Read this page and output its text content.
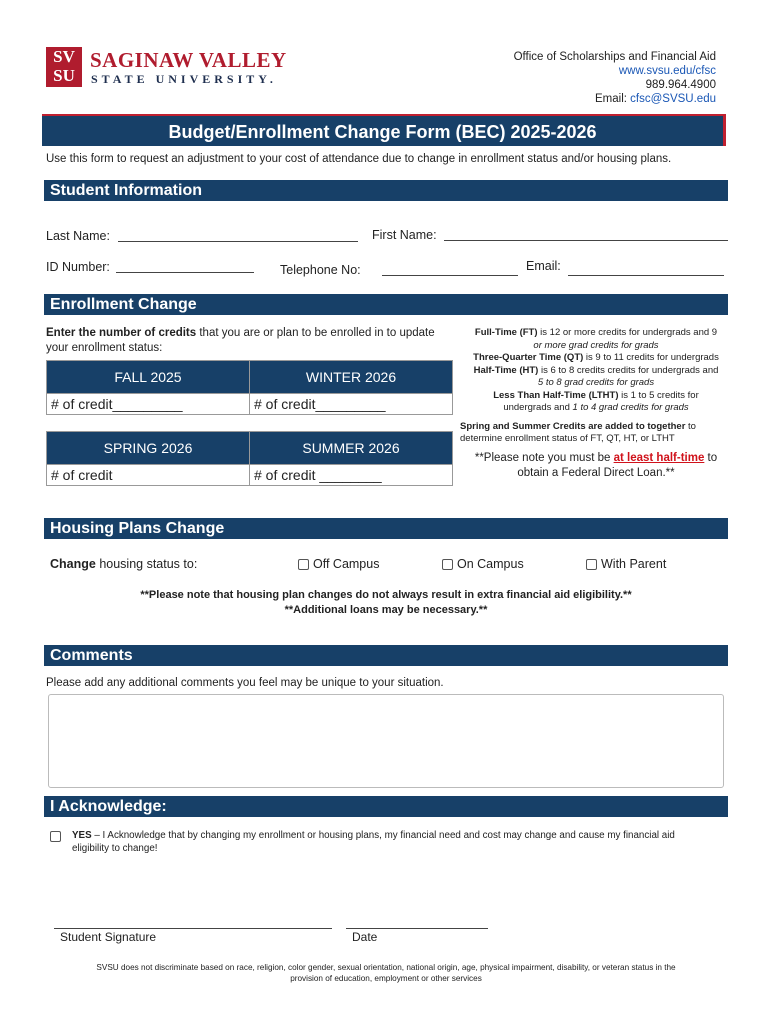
SV
SU
SAGINAW VALLEY
STATE UNIVERSITY.
Office of Scholarships and Financial Aid
www.svsu.edu/cfsc
989.964.4900
Email: cfsc@SVSU.edu
Budget/Enrollment Change Form (BEC) 2025-2026
Use this form to request an adjustment to your cost of attendance due to change in enrollment status and/or housing plans.
Student Information
Last Name:	First Name:
ID Number:	Telephone No:	Email:
Enrollment Change
Enter the number of credits that you are or plan to be enrolled in to update your enrollment status:
FALL 2025	WINTER 2026
# of credit_________	# of credit_________
SPRING 2026	SUMMER 2026
# of credit	# of credit ________
Full-Time (FT) is 12 or more credits for undergrads and 9
or more grad credits for grads
Three-Quarter Time (QT) is 9 to 11 credits for undergrads
Half-Time (HT) is 6 to 8 credits credits for undergrads and
5 to 8 grad credits for grads
Less Than Half-Time (LTHT) is 1 to 5 credits for
undergrads and 1 to 4 grad credits for grads
Spring and Summer Credits are added to together to
determine enrollment status of FT, QT, HT, or LTHT
**Please note you must be at least half-time to
obtain a Federal Direct Loan.**
Housing Plans Change
Change housing status to:	Off Campus	On Campus	With Parent
**Please note that housing plan changes do not always result in extra financial aid eligibility.**
**Additional loans may be necessary.**
Comments
Please add any additional comments you feel may be unique to your situation.
I Acknowledge:
YES – I Acknowledge that by changing my enrollment or housing plans, my financial need and cost may change and cause my financial aid
eligibility to change!
Student Signature	Date
SVSU does not discriminate based on race, religion, color gender, sexual orientation, national origin, age, physical impairment, disability, or veteran status in the
provision of education, employment or other services
